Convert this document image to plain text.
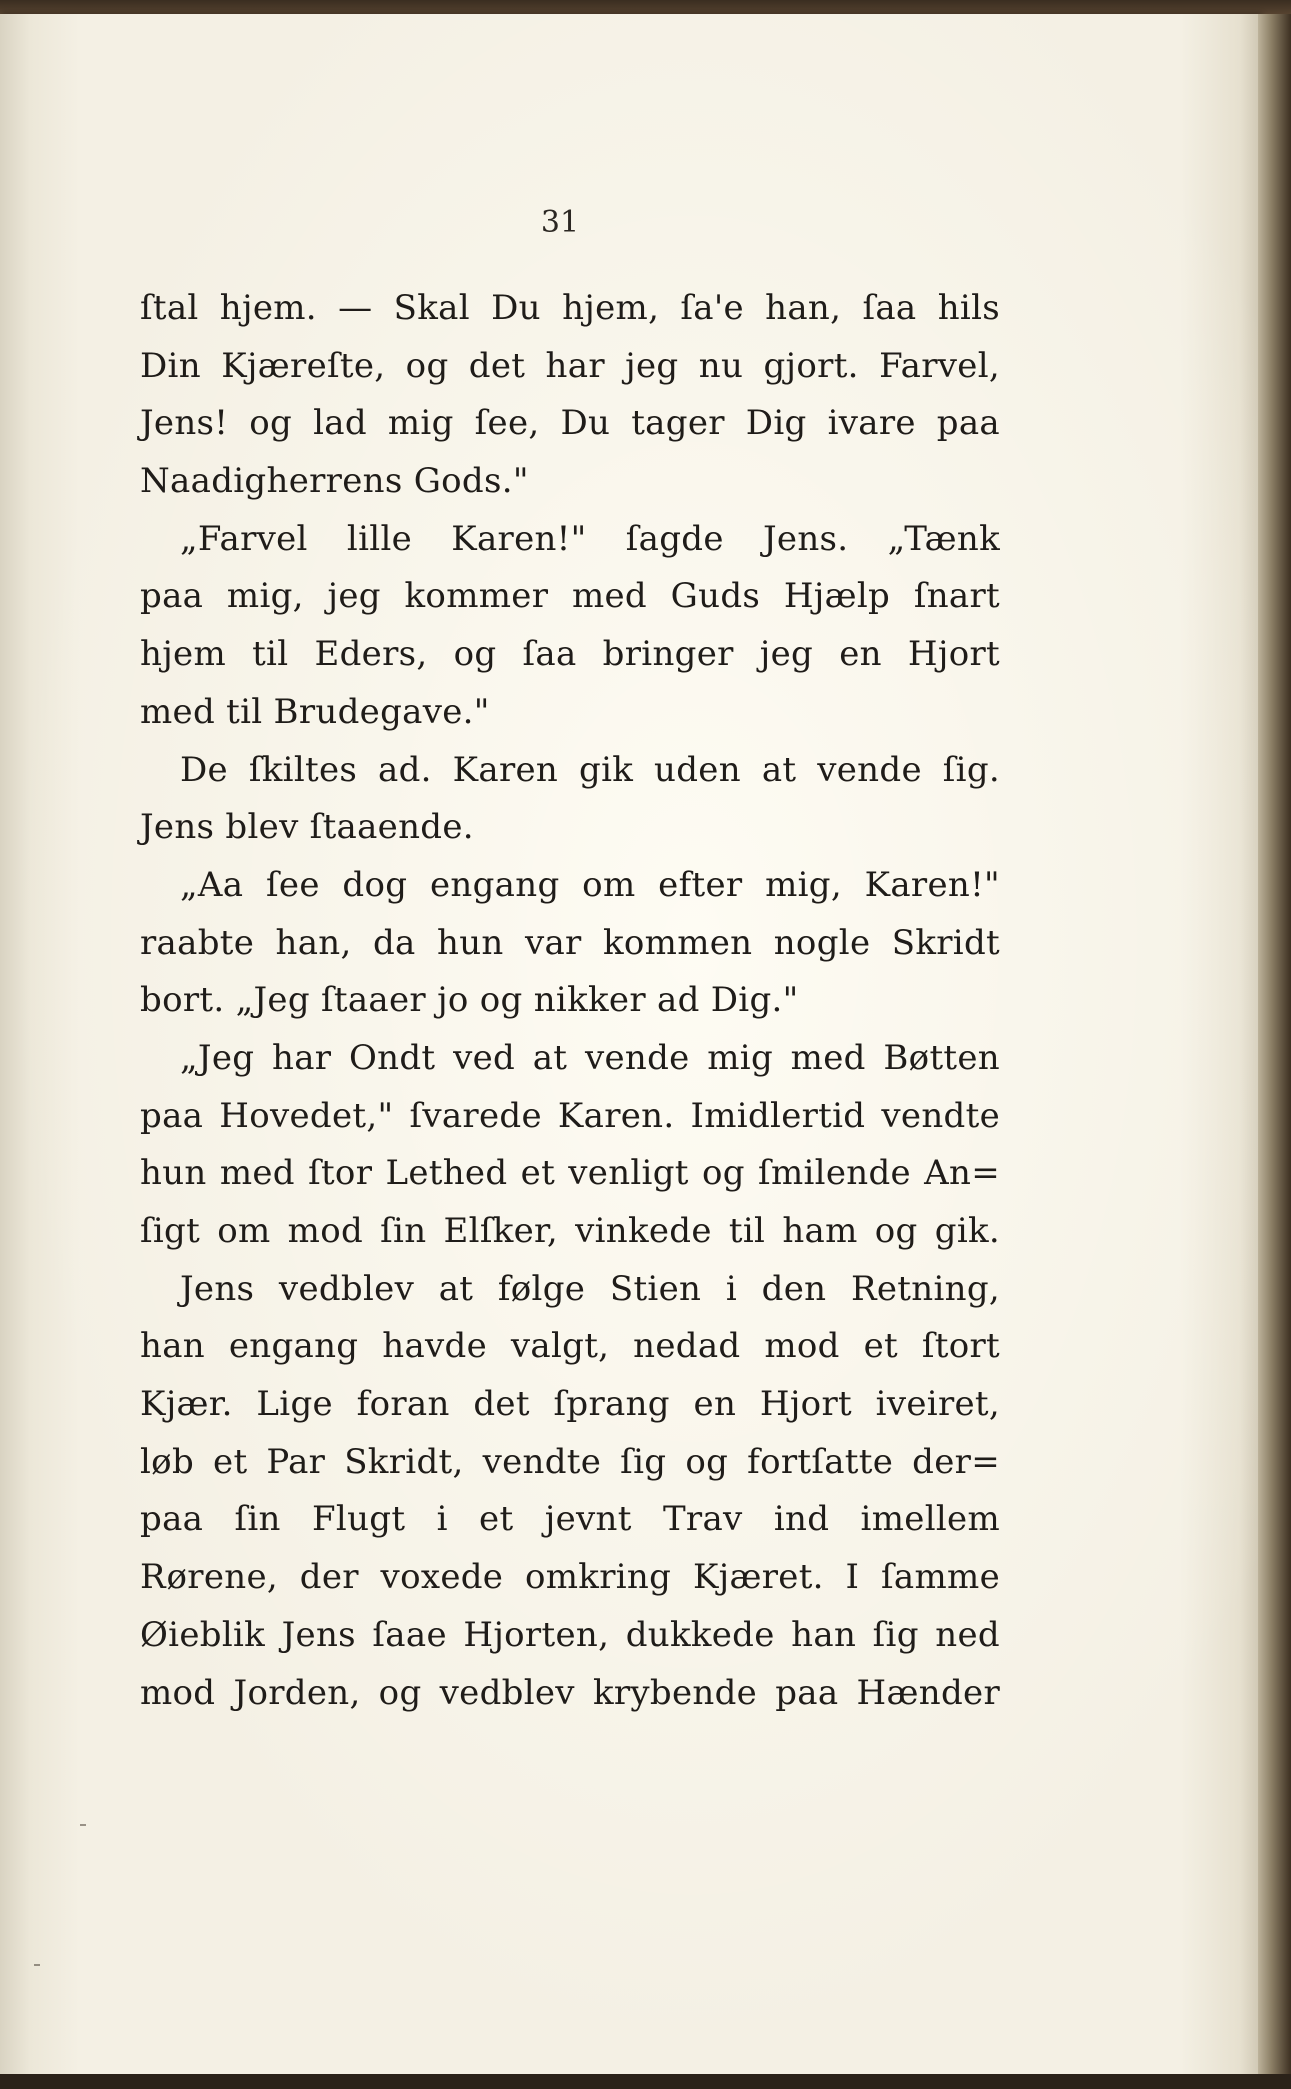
31
ſtal hjem. — Skal Du hjem, ſa'e han, ſaa hils
Din Kjæreſte, og det har jeg nu gjort. Farvel,
Jens! og lad mig ſee, Du tager Dig ivare paa
Naadigherrens Gods."
„Farvel lille Karen!" ſagde Jens. „Tænk
paa mig, jeg kommer med Guds Hjælp ſnart
hjem til Eders, og ſaa bringer jeg en Hjort
med til Brudegave."
De ſkiltes ad. Karen gik uden at vende ſig.
Jens blev ſtaaende.
„Aa ſee dog engang om efter mig, Karen!"
raabte han, da hun var kommen nogle Skridt
bort. „Jeg ſtaaer jo og nikker ad Dig."
„Jeg har Ondt ved at vende mig med Bøtten
paa Hovedet," ſvarede Karen. Imidlertid vendte
hun med ſtor Lethed et venligt og ſmilende An=
ſigt om mod ſin Elſker, vinkede til ham og gik.
Jens vedblev at følge Stien i den Retning,
han engang havde valgt, nedad mod et ſtort
Kjær. Lige foran det ſprang en Hjort iveiret,
løb et Par Skridt, vendte ſig og fortſatte der=
paa ſin Flugt i et jevnt Trav ind imellem
Rørene, der voxede omkring Kjæret. I ſamme
Øieblik Jens ſaae Hjorten, dukkede han ſig ned
mod Jorden, og vedblev krybende paa Hænder
